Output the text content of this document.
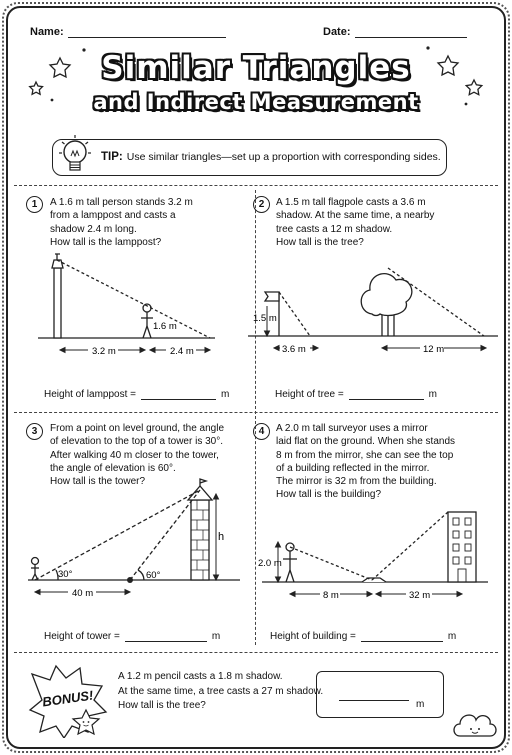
Name:	Date:
Similar Triangles
and Indirect Measurement
TIP: Use similar triangles—set up a proportion with corresponding sides.
1	A 1.6 m tall person stands 3.2 m
from a lamppost and casts a
shadow 2.4 m long.
How tall is the lamppost?
1.6 m
3.2 m	2.4 m
Height of lamppost =	m
2	A 1.5 m tall flagpole casts a 3.6 m
shadow. At the same time, a nearby
tree casts a 12 m shadow.
How tall is the tree?
1.5 m
3.6 m	12 m
Height of tree =	m
3	From a point on level ground, the angle
of elevation to the top of a tower is 30°.
After walking 40 m closer to the tower,
the angle of elevation is 60°.
How tall is the tower?
h
30°	60°
40 m
Height of tower =	m
4	A 2.0 m tall surveyor uses a mirror
laid flat on the ground. When she stands
8 m from the mirror, she can see the top
of a building reflected in the mirror.
The mirror is 32 m from the building.
How tall is the building?
2.0 m
8 m	32 m
Height of building =	m
BONUS!
A 1.2 m pencil casts a 1.8 m shadow.
At the same time, a tree casts a 27 m shadow.
How tall is the tree?	m
